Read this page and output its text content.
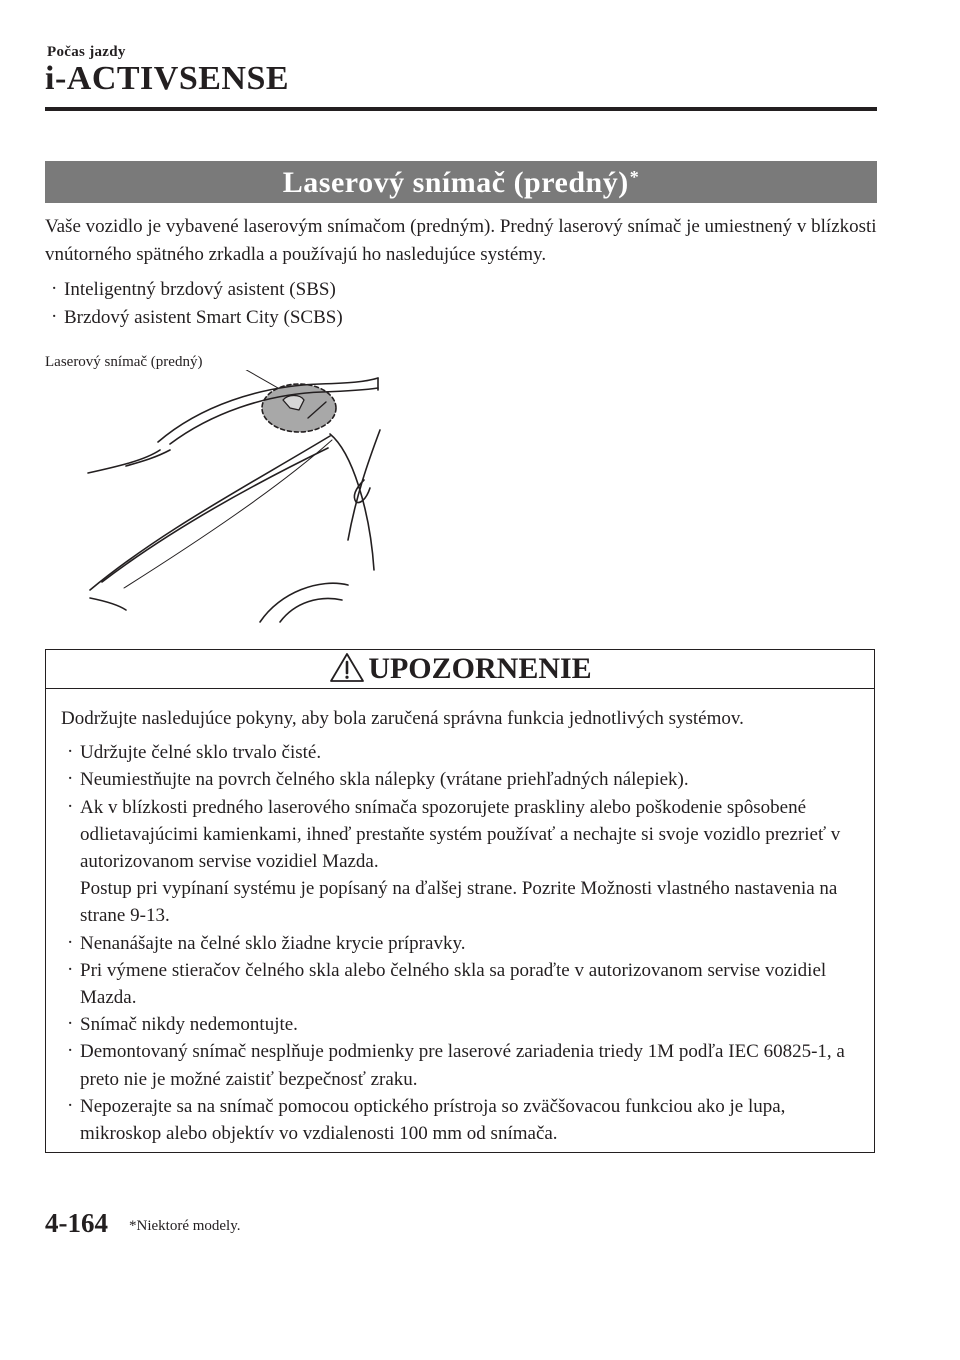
Počas jazdy
i-ACTIVSENSE
Laserový snímač (predný)*

Vaše vozidlo je vybavené laserovým snímačom (predným). Predný laserový snímač je umiestnený v blízkosti vnútorného spätného zrkadla a používajú ho nasledujúce systémy.

· Inteligentný brzdový asistent (SBS)
· Brzdový asistent Smart City (SCBS)
Laserový snímač (predný)
UPOZORNENIE

Dodržujte nasledujúce pokyny, aby bola zaručená správna funkcia jednotlivých systémov.

· Udržujte čelné sklo trvalo čisté.
· Neumiestňujte na povrch čelného skla nálepky (vrátane priehľadných nálepiek).
· Ak v blízkosti predného laserového snímača spozorujete praskliny alebo poškodenie spôsobené odlietavajúcimi kamienkami, ihneď prestaňte systém používať a nechajte si svoje vozidlo prezrieť v autorizovanom servise vozidiel Mazda.
Postup pri vypínaní systému je popísaný na ďalšej strane. Pozrite Možnosti vlastného nastavenia na strane 9-13.
· Nenanášajte na čelné sklo žiadne krycie prípravky.
· Pri výmene stieračov čelného skla alebo čelného skla sa poraďte v autorizovanom servise vozidiel Mazda.
· Snímač nikdy nedemontujte.
· Demontovaný snímač nesplňuje podmienky pre laserové zariadenia triedy 1M podľa IEC 60825-1, a preto nie je možné zaistiť bezpečnosť zraku.
· Nepozerajte sa na snímač pomocou optického prístroja so zväčšovacou funkciou ako je lupa, mikroskop alebo objektív vo vzdialenosti 100 mm od snímača.
4-164 *Niektoré modely.
